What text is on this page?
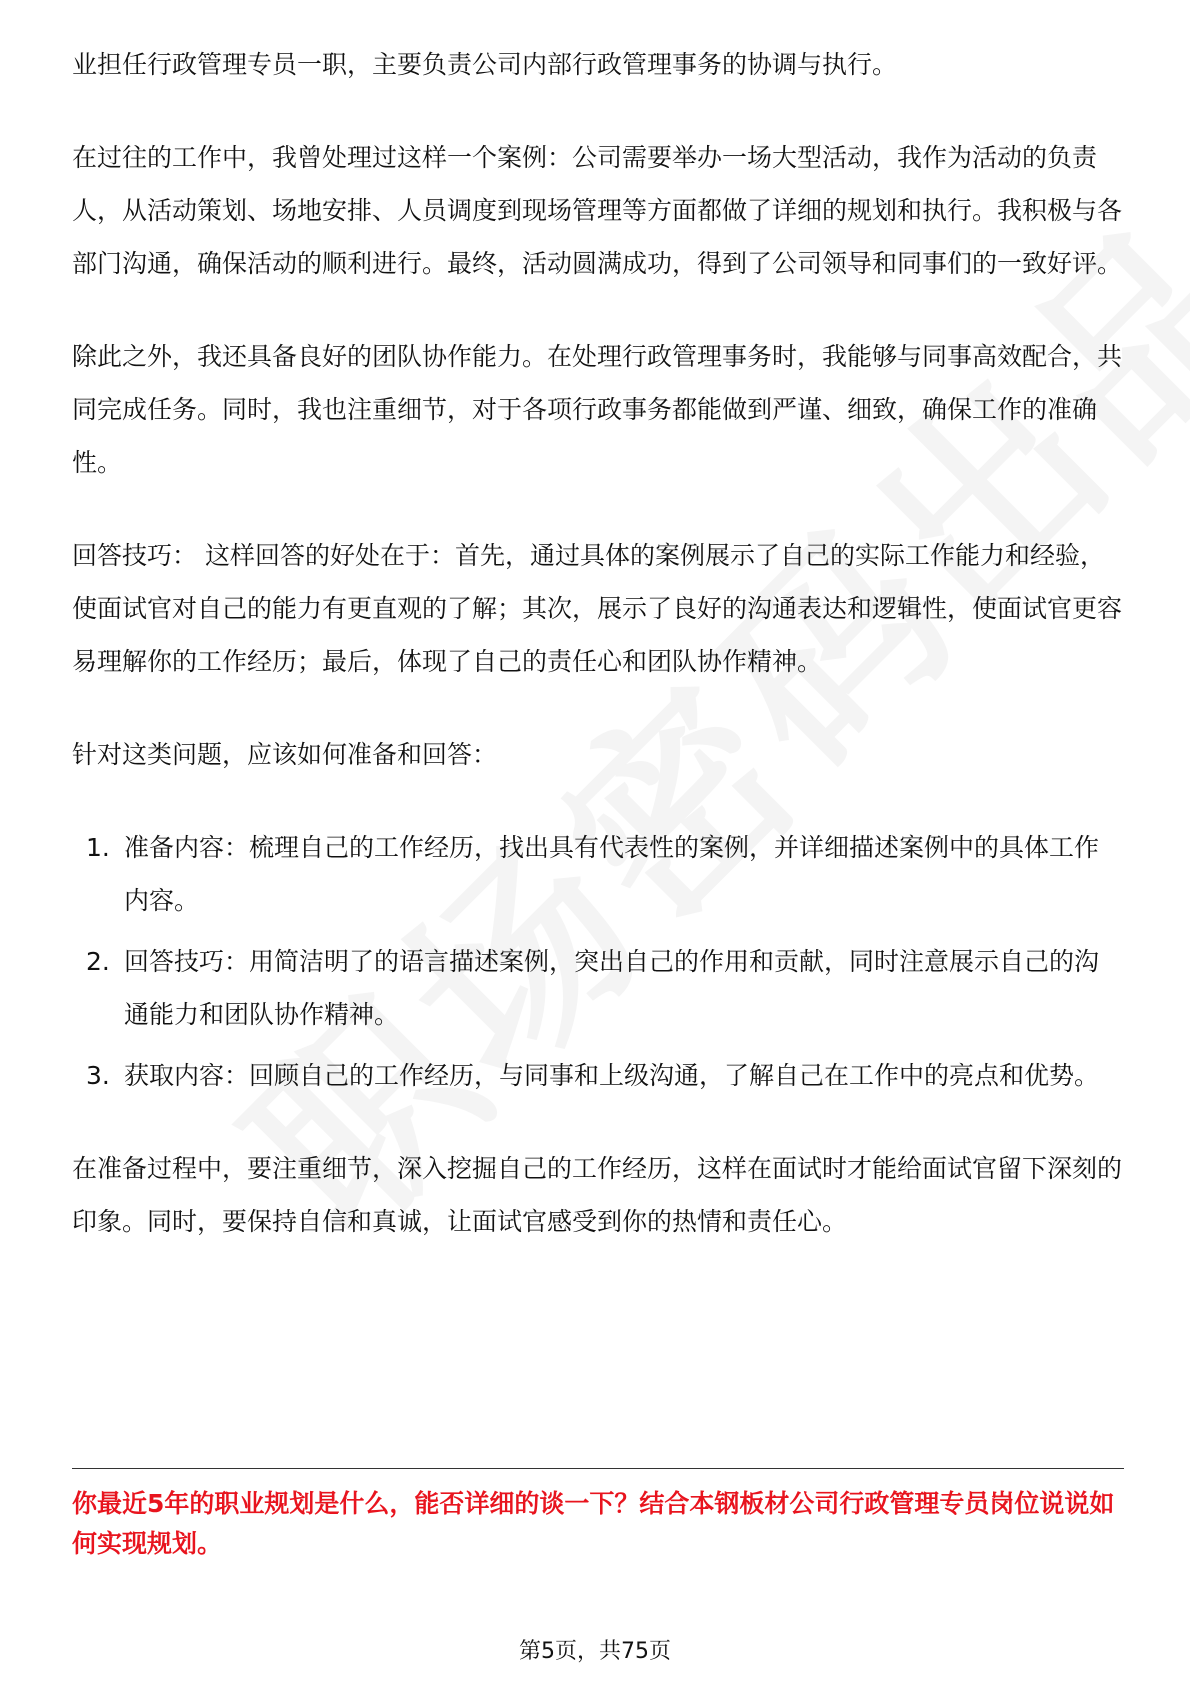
业担任行政管理专员一职，主要负责公司内部行政管理事务的协调与执行。

在过往的工作中，我曾处理过这样一个案例：公司需要举办一场大型活动，我作为活动的负责人，从活动策划、场地安排、人员调度到现场管理等方面都做了详细的规划和执行。我积极与各部门沟通，确保活动的顺利进行。最终，活动圆满成功，得到了公司领导和同事们的一致好评。

除此之外，我还具备良好的团队协作能力。在处理行政管理事务时，我能够与同事高效配合，共同完成任务。同时，我也注重细节，对于各项行政事务都能做到严谨、细致，确保工作的准确性。

回答技巧： 这样回答的好处在于：首先，通过具体的案例展示了自己的实际工作能力和经验，使面试官对自己的能力有更直观的了解；其次，展示了良好的沟通表达和逻辑性，使面试官更容易理解你的工作经历；最后，体现了自己的责任心和团队协作精神。

针对这类问题，应该如何准备和回答：

1. 准备内容：梳理自己的工作经历，找出具有代表性的案例，并详细描述案例中的具体工作内容。
2. 回答技巧：用简洁明了的语言描述案例，突出自己的作用和贡献，同时注意展示自己的沟通能力和团队协作精神。
3. 获取内容：回顾自己的工作经历，与同事和上级沟通，了解自己在工作中的亮点和优势。

在准备过程中，要注重细节，深入挖掘自己的工作经历，这样在面试时才能给面试官留下深刻的印象。同时，要保持自信和真诚，让面试官感受到你的热情和责任心。

你最近5年的职业规划是什么，能否详细的谈一下？结合本钢板材公司行政管理专员岗位说说如何实现规划。
第5页，共75页
